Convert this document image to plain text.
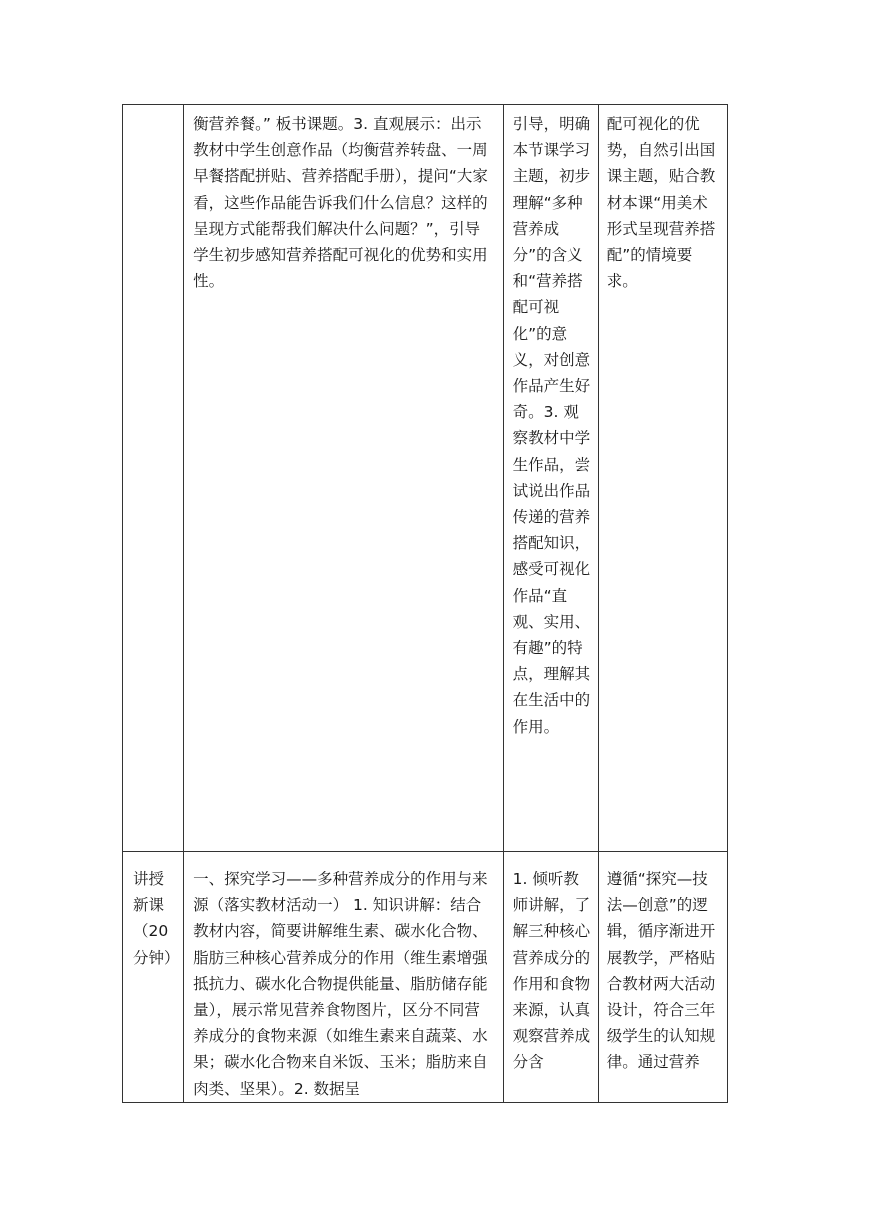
	衡营养餐。” 板书课题。3. 直观展示：出示教材中学生创意作品（均衡营养转盘、一周早餐搭配拼贴、营养搭配手册），提问“大家看，这些作品能告诉我们什么信息？这样的呈现方式能帮我们解决什么问题？”，引导学生初步感知营养搭配可视化的优势和实用性。	引导，明确本节课学习主题，初步理解“多种营养成分”的含义和“营养搭配可视化”的意义，对创意作品产生好奇。3. 观察教材中学生作品，尝试说出作品传递的营养搭配知识，感受可视化作品“直观、实用、有趣”的特点，理解其在生活中的作用。	配可视化的优势，自然引出国课主题，贴合教材本课“用美术形式呈现营养搭配”的情境要求。

讲授新课（20分钟）	一、探究学习——多种营养成分的作用与来源（落实教材活动一） 1. 知识讲解：结合教材内容，简要讲解维生素、碳水化合物、脂肪三种核心营养成分的作用（维生素增强抵抗力、碳水化合物提供能量、脂肪储存能量），展示常见营养食物图片，区分不同营养成分的食物来源（如维生素来自蔬菜、水果；碳水化合物来自米饭、玉米；脂肪来自肉类、坚果）。2. 数据呈	1. 倾听教师讲解，了解三种核心营养成分的作用和食物来源，认真观察营养成分含	遵循“探究—技法—创意”的逻辑，循序渐进开展教学，严格贴合教材两大活动设计，符合三年级学生的认知规律。通过营养
